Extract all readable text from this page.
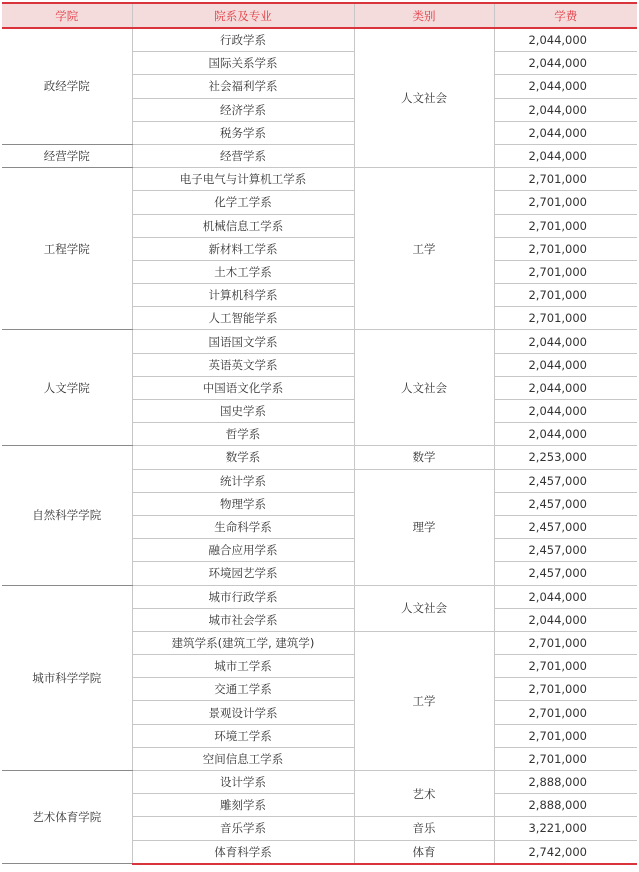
学院	院系及专业	类别	学费
政经学院	行政学系	人文社会	2,044,000
	国际关系学系		2,044,000
	社会福利学系		2,044,000
	经济学系		2,044,000
	税务学系		2,044,000
经营学院	经营学系		2,044,000
工程学院	电子电气与计算机工学系	工学	2,701,000
	化学工学系		2,701,000
	机械信息工学系		2,701,000
	新材料工学系		2,701,000
	土木工学系		2,701,000
	计算机科学系		2,701,000
	人工智能学系		2,701,000
人文学院	国语国文学系	人文社会	2,044,000
	英语英文学系		2,044,000
	中国语文化学系		2,044,000
	国史学系		2,044,000
	哲学系		2,044,000
自然科学学院	数学系	数学	2,253,000
	统计学系	理学	2,457,000
	物理学系		2,457,000
	生命科学系		2,457,000
	融合应用学系		2,457,000
	环境园艺学系		2,457,000
城市科学学院	城市行政学系	人文社会	2,044,000
	城市社会学系		2,044,000
	建筑学系(建筑工学, 建筑学)	工学	2,701,000
	城市工学系		2,701,000
	交通工学系		2,701,000
	景观设计学系		2,701,000
	环境工学系		2,701,000
	空间信息工学系		2,701,000
艺术体育学院	设计学系	艺术	2,888,000
	雕刻学系		2,888,000
	音乐学系	音乐	3,221,000
	体育科学系	体育	2,742,000
